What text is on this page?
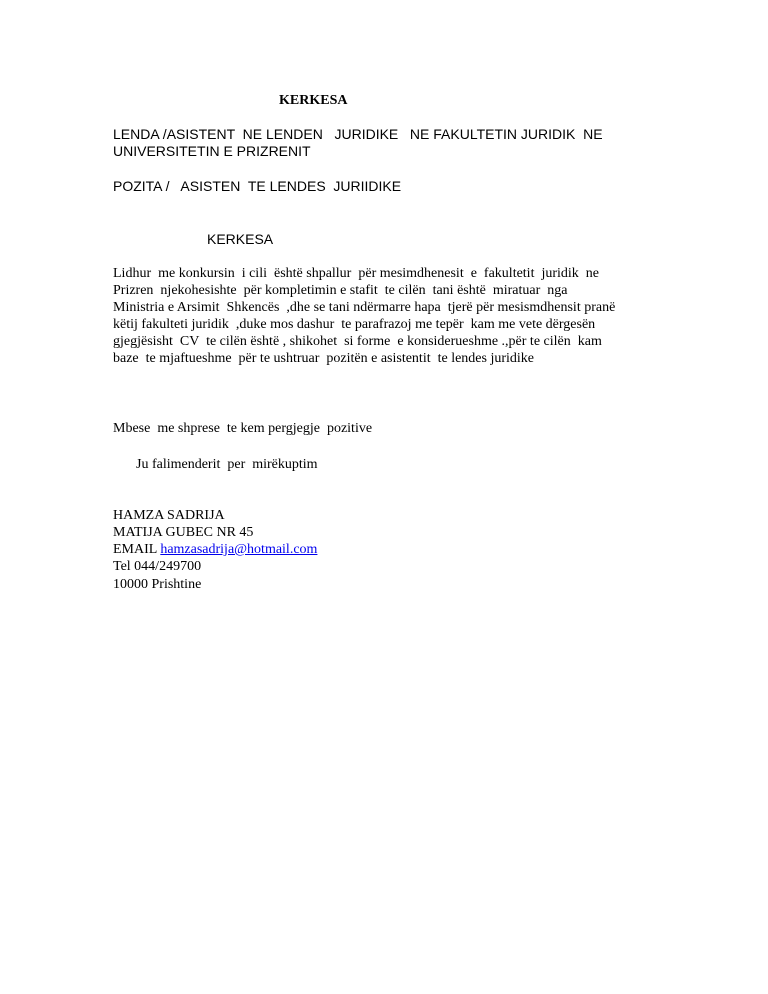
KERKESA
LENDA /ASISTENT  NE LENDEN   JURIDIKE   NE FAKULTETIN JURIDIK  NE
UNIVERSITETIN E PRIZRENIT
POZITA /   ASISTEN  TE LENDES  JURIIDIKE
KERKESA
Lidhur  me konkursin  i cili  është shpallur  për mesimdhenesit  e  fakultetit  juridik  ne
Prizren  njekohesishte  për kompletimin e stafit  te cilën  tani është  miratuar  nga
Ministria e Arsimit  Shkencës  ,dhe se tani ndërmarre hapa  tjerë për mesismdhensit pranë
këtij fakulteti juridik  ,duke mos dashur  te parafrazoj me tepër  kam me vete dërgesën
gjegjësisht  CV  te cilën është , shikohet  si forme  e konsiderueshme .,për te cilën  kam
baze  te mjaftueshme  për te ushtruar  pozitën e asistentit  te lendes juridike
Mbese  me shprese  te kem pergjegje  pozitive
Ju falimenderit  per  mirëkuptim
HAMZA SADRIJA
MATIJA GUBEC NR 45
EMAIL hamzasadrija@hotmail.com
Tel 044/249700
10000 Prishtine
